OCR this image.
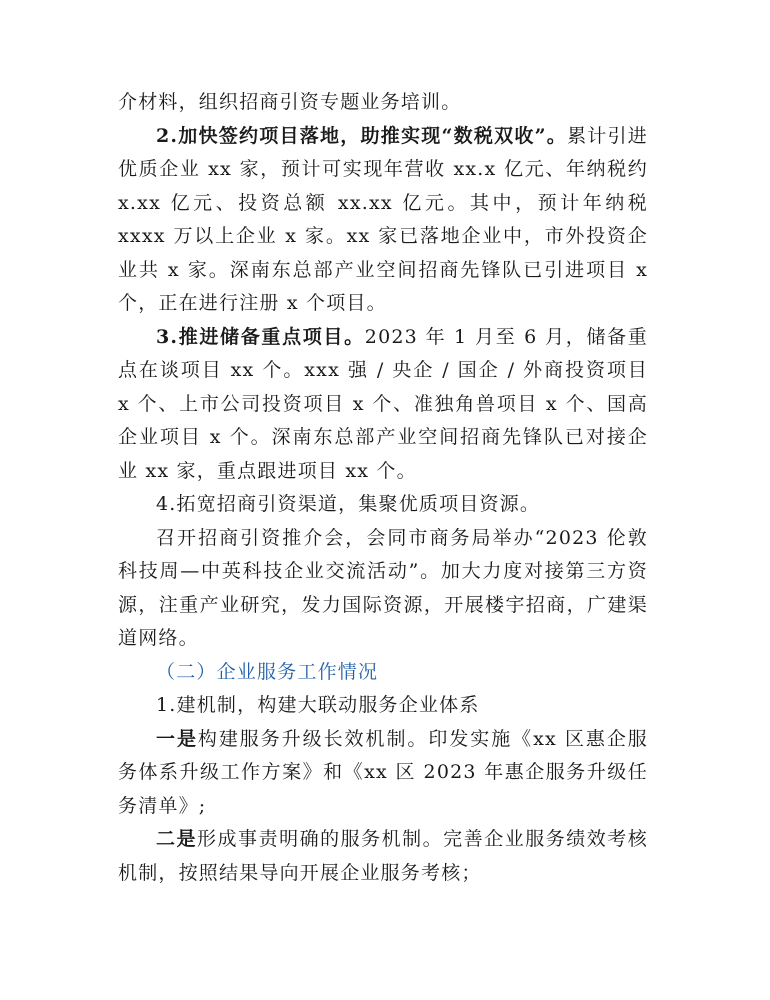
介材料，组织招商引资专题业务培训。

2.加快签约项目落地，助推实现“数税双收”。累计引进优质企业 xx 家，预计可实现年营收 xx.x 亿元、年纳税约 x.xx 亿元、投资总额 xx.xx 亿元。其中，预计年纳税 xxxx 万以上企业 x 家。xx 家已落地企业中，市外投资企业共 x 家。深南东总部产业空间招商先锋队已引进项目 x 个，正在进行注册 x 个项目。

3.推进储备重点项目。2023 年 1 月至 6 月，储备重点在谈项目 xx 个。xxx 强 / 央企 / 国企 / 外商投资项目 x 个、上市公司投资项目 x 个、准独角兽项目 x 个、国高企业项目 x 个。深南东总部产业空间招商先锋队已对接企业 xx 家，重点跟进项目 xx 个。

4.拓宽招商引资渠道，集聚优质项目资源。

召开招商引资推介会，会同市商务局举办“2023 伦敦科技周—中英科技企业交流活动”。加大力度对接第三方资源，注重产业研究，发力国际资源，开展楼宇招商，广建渠道网络。

（二）企业服务工作情况

1.建机制，构建大联动服务企业体系

一是构建服务升级长效机制。印发实施《xx 区惠企服务体系升级工作方案》和《xx 区 2023 年惠企服务升级任务清单》;

二是形成事责明确的服务机制。完善企业服务绩效考核机制，按照结果导向开展企业服务考核；
